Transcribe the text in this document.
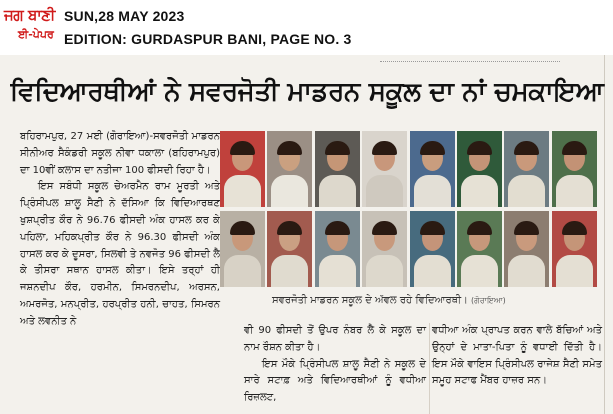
ਜਗ ਬਾਣੀ
ਈ-ਪੇਪਰ
SUN,28 MAY 2023
EDITION: GURDASPUR BANI, PAGE NO. 3
ਵਿਦਿਆਰਥੀਆਂ ਨੇ ਸਵਰਜੋਤੀ ਮਾਡਰਨ ਸਕੂਲ ਦਾ ਨਾਂ ਚਮਕਾਇਆ

ਬਹਿਰਾਮਪੁਰ, 27 ਮਈ (ਗੋਰਾਇਆ)-ਸਵਰਜੋਤੀ ਮਾਡਰਨ ਸੀਨੀਅਰ ਸੈਕੰਡਰੀ ਸਕੂਲ ਨੀਵਾ ਧਕਾਲਾ (ਬਹਿਰਾਮਪੁਰ) ਦਾ 10ਵੀਂ ਕਲਾਸ ਦਾ ਨਤੀਜਾ 100 ਫੀਸਦੀ ਰਿਹਾ ਹੈ।

ਇਸ ਸਬੰਧੀ ਸਕੂਲ ਚੇਅਰਮੈਨ ਰਾਮ ਮੂਰਤੀ ਅਤੇ ਪ੍ਰਿੰਸੀਪਲ ਸ਼ਾਲੂ ਸੈਣੀ ਨੇ ਦੱਸਿਆ ਕਿ ਵਿਦਿਆਰਥਣ ਖੁਸ਼ਪ੍ਰੀਤ ਕੌਰ ਨੇ 96.76 ਫੀਸਦੀ ਅੰਕ ਹਾਸਲ ਕਰ ਕੇ ਪਹਿਲਾ, ਮਹਿਕਪ੍ਰੀਤ ਕੌਰ ਨੇ 96.30 ਫੀਸਦੀ ਅੰਕ ਹਾਸਲ ਕਰ ਕੇ ਦੂਸਰਾ, ਸਿਲਵੀ ਤੇ ਨਵਜੋਤ 96 ਫੀਸਦੀ ਲੈ ਕੇ ਤੀਸਰਾ ਸਥਾਨ ਹਾਸਲ ਕੀਤਾ। ਇਸੇ ਤਰ੍ਹਾਂ ਹੀ ਜਸ਼ਨਦੀਪ ਕੌਰ, ਹਰਮੀਨ, ਸਿਮਰਨਦੀਪ, ਅਰਸਨ, ਅਮਰਜੋਤ, ਮਨਪ੍ਰੀਤ, ਹਰਪ੍ਰੀਤ ਹਨੀ, ਚਾਹਤ, ਸਿਮਰਨ ਅਤੇ ਲਵਨੀਤ ਨੇ

ਸਵਰਜੋਤੀ ਮਾਡਰਨ ਸਕੂਲ ਦੇ ਅੱਵਲ ਰਹੇ ਵਿਦਿਆਰਥੀ। (ਗੋਰਾਇਆ)

ਵੀ 90 ਫੀਸਦੀ ਤੋਂ ਉਪਰ ਨੰਬਰ ਲੈ ਕੇ ਸਕੂਲ ਦਾ ਨਾਮ ਰੌਸ਼ਨ ਕੀਤਾ ਹੈ।

ਇਸ ਮੌਕੇ ਪ੍ਰਿੰਸੀਪਲ ਸ਼ਾਲੂ ਸੈਣੀ ਨੇ ਸਕੂਲ ਦੇ ਸਾਰੇ ਸਟਾਫ਼ ਅਤੇ ਵਿਦਿਆਰਥੀਆਂ ਨੂੰ ਵਧੀਆ ਰਿਜ਼ਲਟ,

ਵਧੀਆ ਅੰਕ ਪ੍ਰਾਪਤ ਕਰਨ ਵਾਲੇ ਬੱਚਿਆਂ ਅਤੇ ਉਨ੍ਹਾਂ ਦੇ ਮਾਤਾ-ਪਿਤਾ ਨੂੰ ਵਧਾਈ ਦਿੱਤੀ ਹੈ। ਇਸ ਮੌਕੇ ਵਾਇਸ ਪ੍ਰਿੰਸੀਪਲ ਰਾਜੇਸ਼ ਸੈਣੀ ਸਮੇਤ ਸਮੂਹ ਸਟਾਫ ਮੈਂਬਰ ਹਾਜ਼ਰ ਸਨ।
